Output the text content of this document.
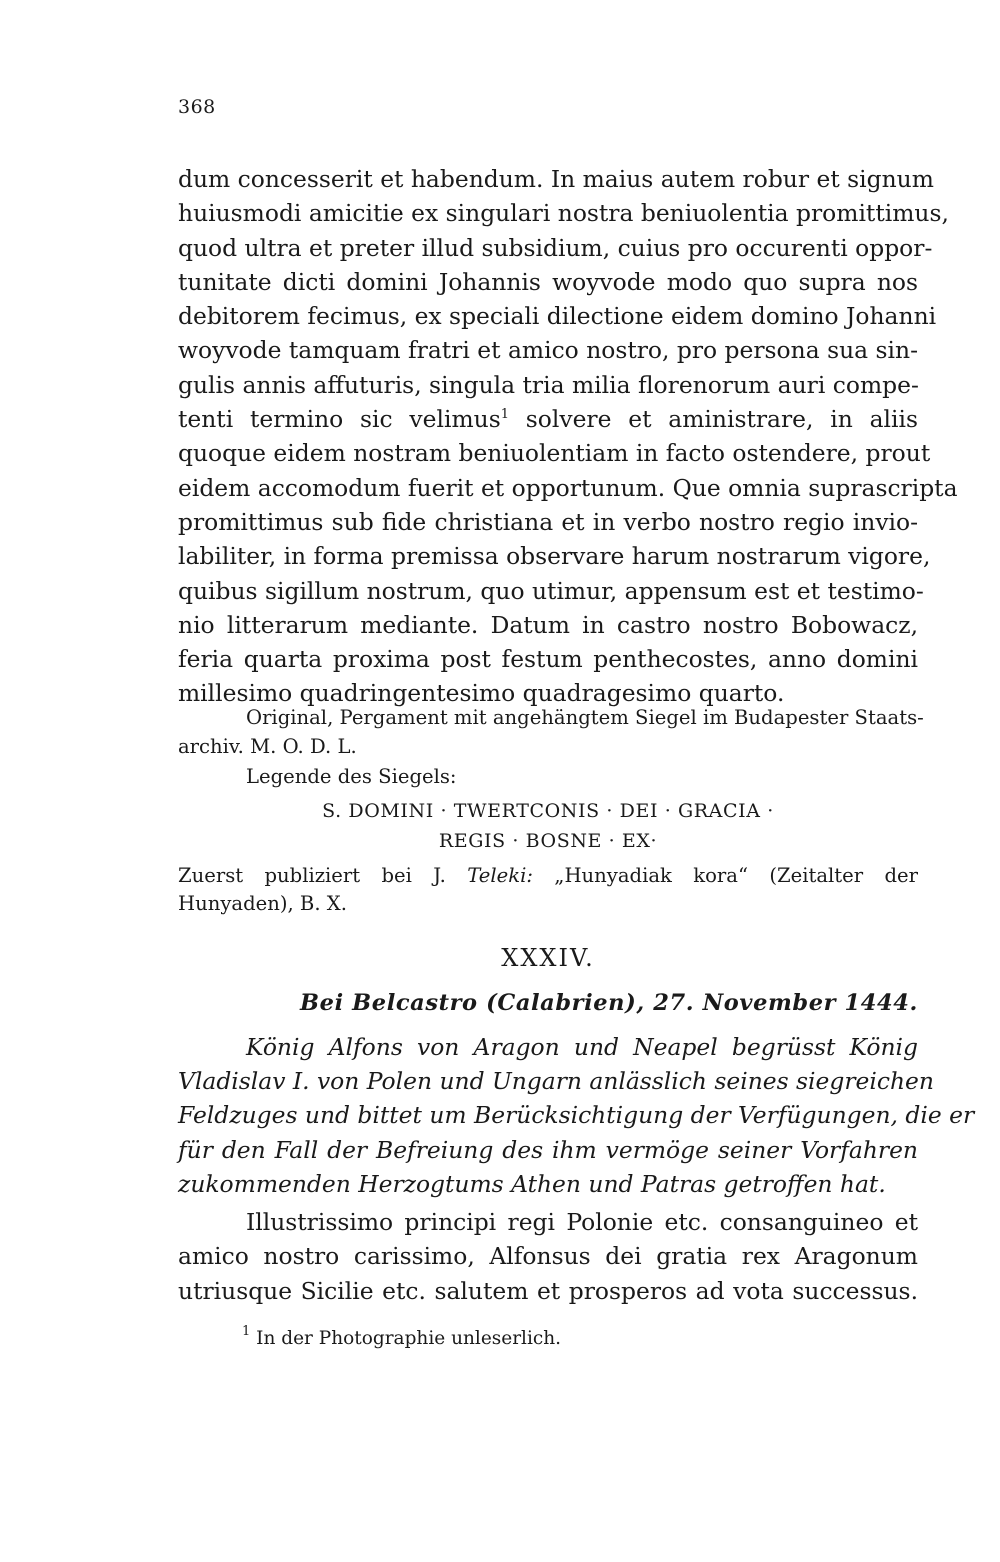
368
dum concesserit et habendum. In maius autem robur et signum
huiusmodi amicitie ex singulari nostra beniuolentia promittimus,
quod ultra et preter illud subsidium, cuius pro occurenti oppor-
tunitate dicti domini Johannis woyvode modo quo supra nos
debitorem fecimus, ex speciali dilectione eidem domino Johanni
woyvode tamquam fratri et amico nostro, pro persona sua sin-
gulis annis affuturis, singula tria milia florenorum auri compe-
tenti termino sic velimus$^1$ solvere et aministrare, in aliis
quoque eidem nostram beniuolentiam in facto ostendere, prout
eidem accomodum fuerit et opportunum. Que omnia suprascripta
promittimus sub fide christiana et in verbo nostro regio invio-
labiliter, in forma premissa observare harum nostrarum vigore,
quibus sigillum nostrum, quo utimur, appensum est et testimo-
nio litterarum mediante. Datum in castro nostro Bobowacz,
feria quarta proxima post festum penthecostes, anno domini
millesimo quadringentesimo quadragesimo quarto.
Original, Pergament mit angehängtem Siegel im Budapester Staats-
archiv. M. O. D. L.
Legende des Siegels:
S. DOMINI · TWERTCONIS · DEI · GRACIA ·
REGIS · BOSNE · EX·
Zuerst publiziert bei J. Teleki: „Hunyadiak kora“ (Zeitalter der
Hunyaden), B. X.
XXXIV.
Bei Belcastro (Calabrien), 27. November 1444.
König Alfons von Aragon und Neapel begrüsst König
Vladislav I. von Polen und Ungarn anlässlich seines siegreichen
Feldzuges und bittet um Berücksichtigung der Verfügungen, die er
für den Fall der Befreiung des ihm vermöge seiner Vorfahren
zukommenden Herzogtums Athen und Patras getroffen hat.
Illustrissimo principi regi Polonie etc. consanguineo et
amico nostro carissimo, Alfonsus dei gratia rex Aragonum
utriusque Sicilie etc. salutem et prosperos ad vota successus.
$^1$ In der Photographie unleserlich.
